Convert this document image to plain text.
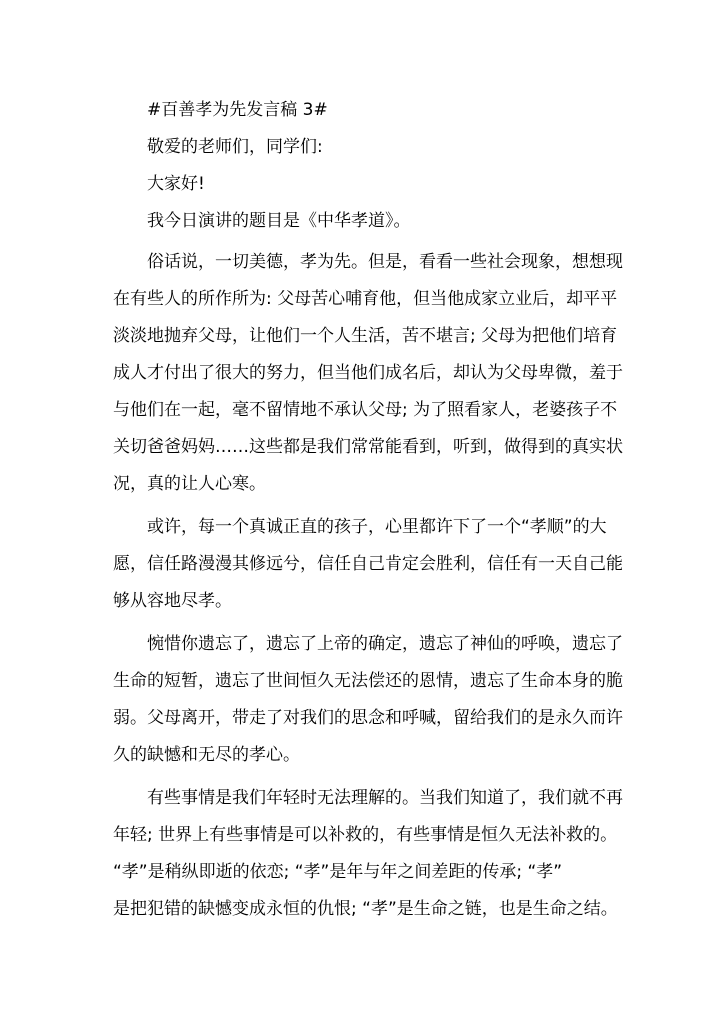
#百善孝为先发言稿 3#
敬爱的老师们，同学们:
大家好!
我今日演讲的题目是《中华孝道》。
俗话说，一切美德，孝为先。但是，看看一些社会现象，想想现
在有些人的所作所为: 父母苦心哺育他，但当他成家立业后，却平平
淡淡地抛弃父母，让他们一个人生活，苦不堪言; 父母为把他们培育
成人才付出了很大的努力，但当他们成名后，却认为父母卑微，羞于
与他们在一起，毫不留情地不承认父母; 为了照看家人，老婆孩子不
关切爸爸妈妈……这些都是我们常常能看到，听到，做得到的真实状
况，真的让人心寒。
或许，每一个真诚正直的孩子，心里都许下了一个“孝顺”的大
愿，信任路漫漫其修远兮，信任自己肯定会胜利，信任有一天自己能
够从容地尽孝。
惋惜你遗忘了，遗忘了上帝的确定，遗忘了神仙的呼唤，遗忘了
生命的短暂，遗忘了世间恒久无法偿还的恩情，遗忘了生命本身的脆
弱。父母离开，带走了对我们的思念和呼喊，留给我们的是永久而许
久的缺憾和无尽的孝心。
有些事情是我们年轻时无法理解的。当我们知道了，我们就不再
年轻; 世界上有些事情是可以补救的，有些事情是恒久无法补救的。
“孝”是稍纵即逝的依恋; “孝”是年与年之间差距的传承; “孝”
是把犯错的缺憾变成永恒的仇恨; “孝”是生命之链，也是生命之结。
